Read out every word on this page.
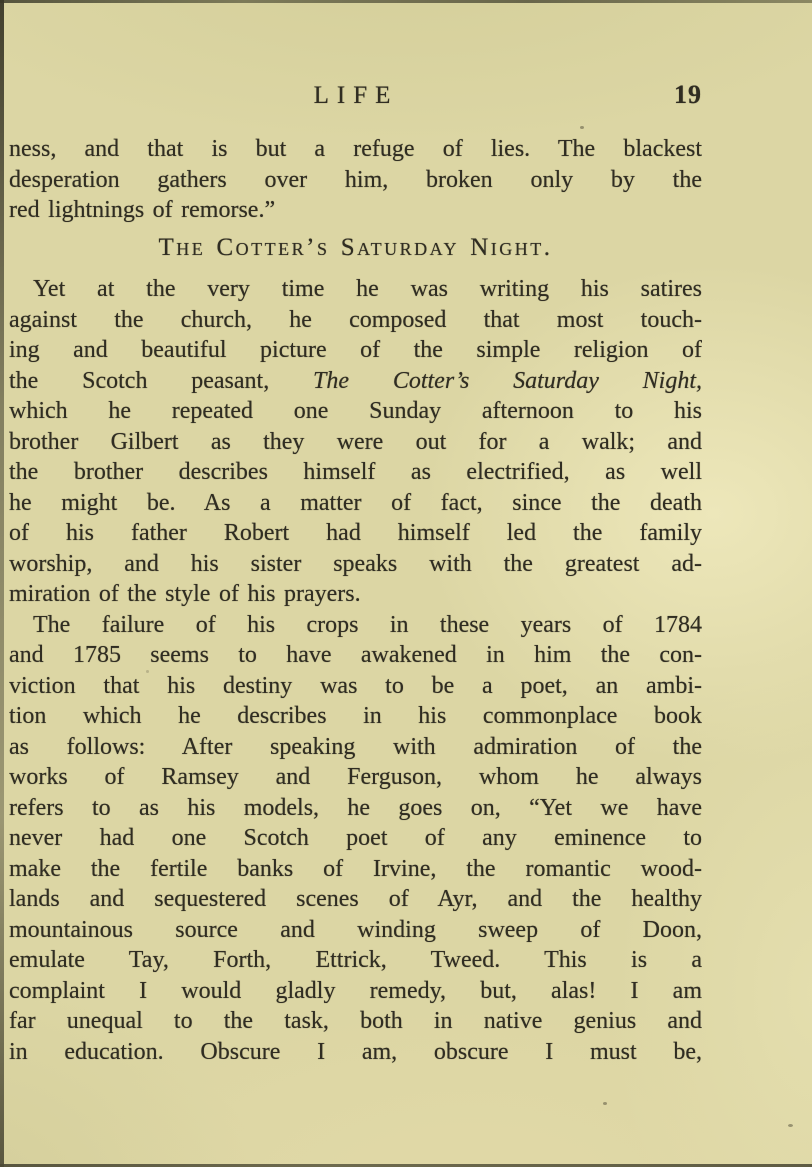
LIFE	19
ness, and that is but a refuge of lies. The blackest
desperation gathers over him, broken only by the
red lightnings of remorse.”
The Cotter’s Saturday Night.
Yet at the very time he was writing his satires
against the church, he composed that most touch-
ing and beautiful picture of the simple religion of
the Scotch peasant, The Cotter’s Saturday Night,
which he repeated one Sunday afternoon to his
brother Gilbert as they were out for a walk; and
the brother describes himself as electrified, as well
he might be. As a matter of fact, since the death
of his father Robert had himself led the family
worship, and his sister speaks with the greatest ad-
miration of the style of his prayers.
The failure of his crops in these years of 1784
and 1785 seems to have awakened in him the con-
viction that his destiny was to be a poet, an ambi-
tion which he describes in his commonplace book
as follows: After speaking with admiration of the
works of Ramsey and Ferguson, whom he always
refers to as his models, he goes on, “Yet we have
never had one Scotch poet of any eminence to
make the fertile banks of Irvine, the romantic wood-
lands and sequestered scenes of Ayr, and the healthy
mountainous source and winding sweep of Doon,
emulate Tay, Forth, Ettrick, Tweed. This is a
complaint I would gladly remedy, but, alas! I am
far unequal to the task, both in native genius and
in education. Obscure I am, obscure I must be,
